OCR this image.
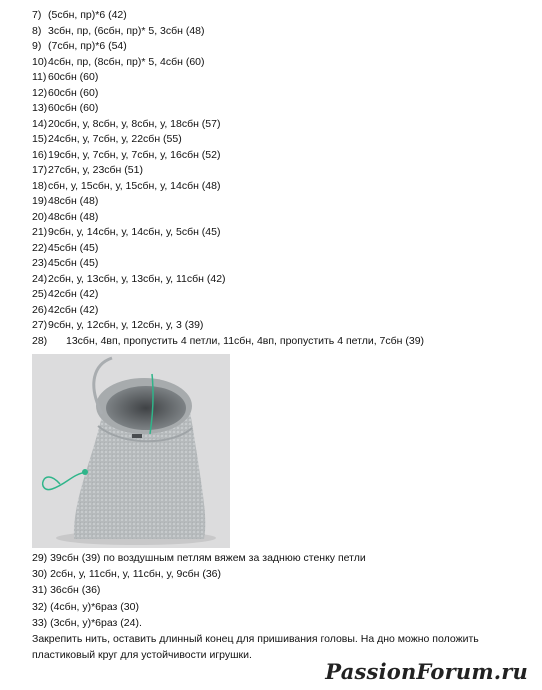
7) (5сбн, пр)*6 (42)
8) 3сбн, пр, (6сбн, пр)* 5, 3сбн (48)
9) (7сбн, пр)*6 (54)
10)4сбн, пр, (8сбн, пр)* 5, 4сбн (60)
11) 60сбн (60)
12)60сбн (60)
13)60сбн (60)
14)20сбн, у, 8сбн, у, 8сбн, у, 18сбн (57)
15)24сбн, у, 7сбн, у, 22сбн (55)
16)19сбн, у, 7сбн, у, 7сбн, у, 16сбн (52)
17)27сбн, у, 23сбн (51)
18)сбн, у, 15сбн, у, 15сбн, у, 14сбн (48)
19)48сбн (48)
20)48сбн (48)
21)9сбн, у, 14сбн, у, 14сбн, у, 5сбн (45)
22)45сбн (45)
23)45сбн (45)
24)2сбн, у, 13сбн, у, 13сбн, у, 11сбн (42)
25)42сбн (42)
26)42сбн (42)
27)9сбн, у, 12сбн, у, 12сбн, у, 3 (39)
28) 13сбн, 4вп, пропустить 4 петли, 11сбн, 4вп, пропустить 4 петли, 7сбн (39)
29) 39сбн (39) по воздушным петлям вяжем за заднюю стенку петли
30) 2сбн, у, 11сбн, у, 11сбн, у, 9сбн (36)
31) 36сбн (36)
32) (4сбн, у)*6раз (30)
33) (3сбн, у)*6раз (24).
Закрепить нить, оставить длинный конец для пришивания головы. На дно можно положить
пластиковый круг для устойчивости игрушки.
PassionForum.ru
